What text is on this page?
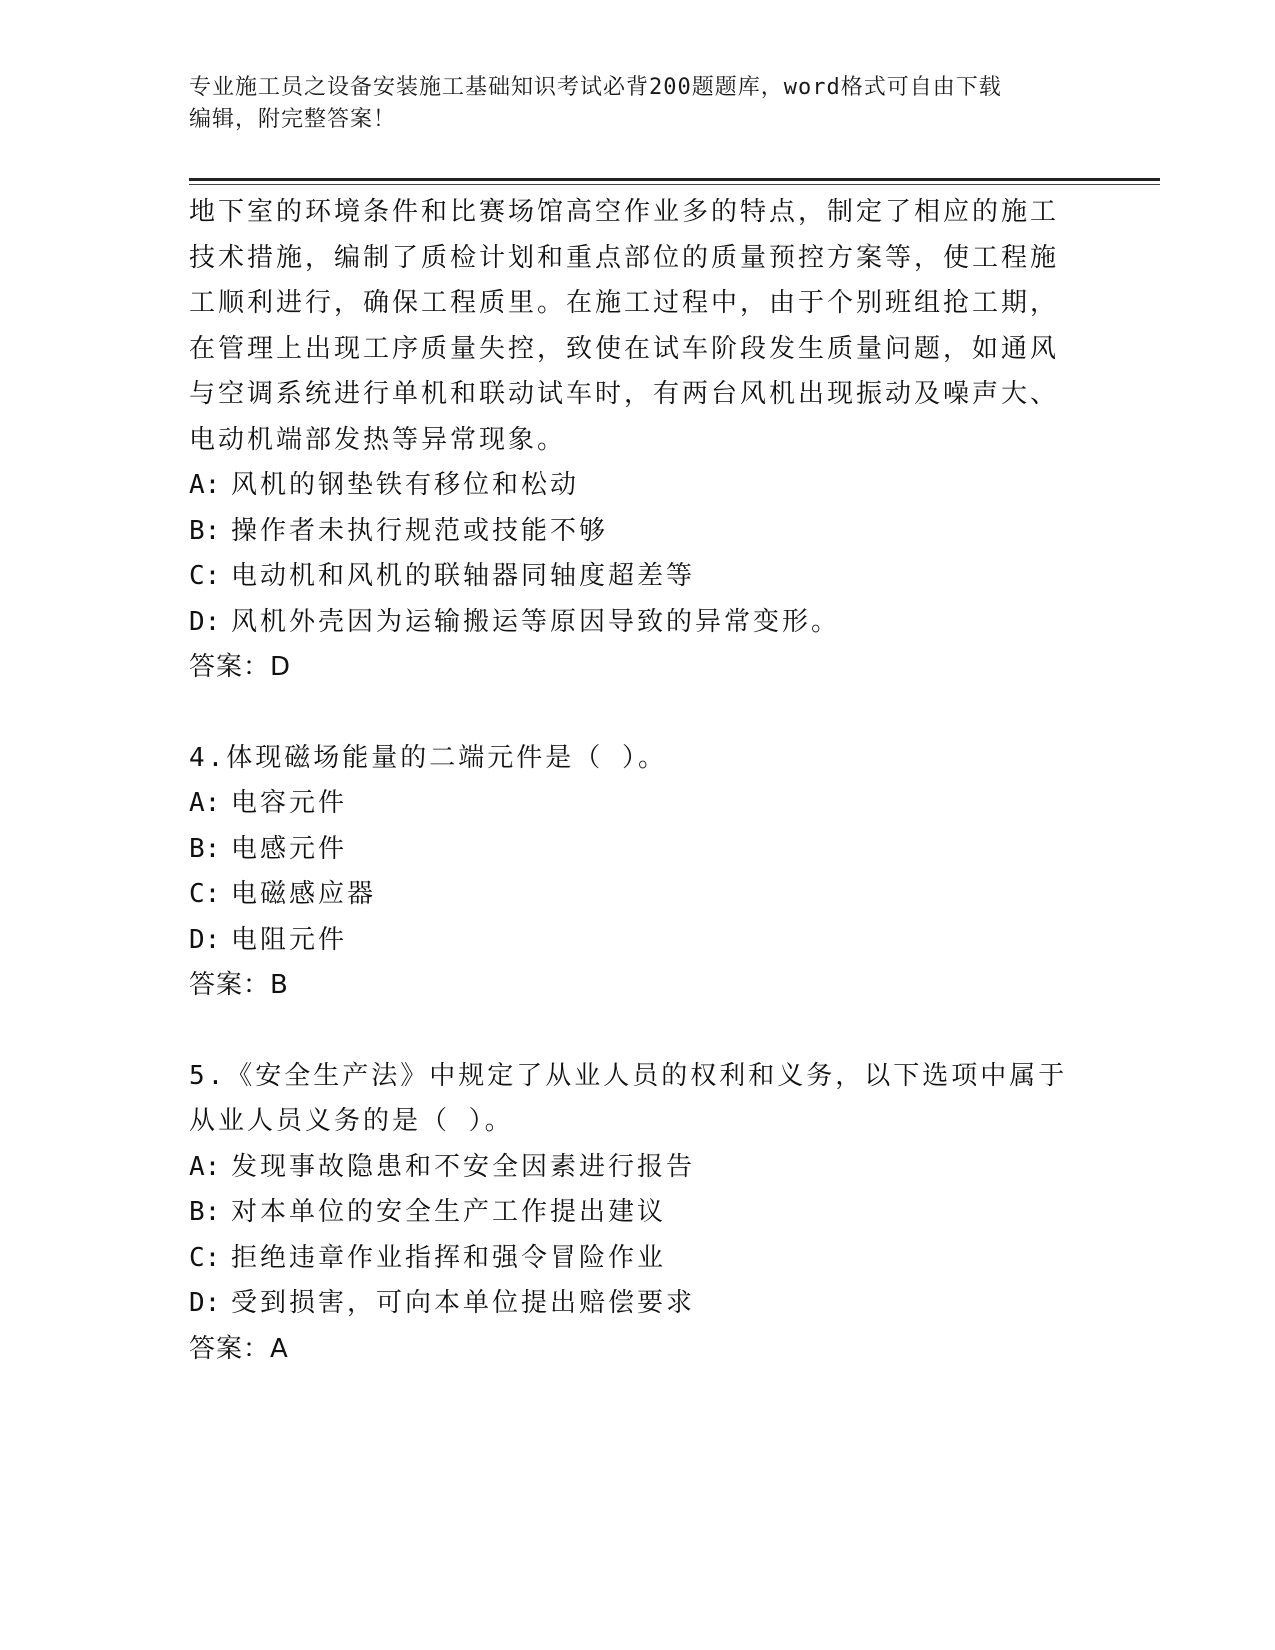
专业施工员之设备安装施工基础知识考试必背200题题库，word格式可自由下载
编辑，附完整答案！
地下室的环境条件和比赛场馆高空作业多的特点，制定了相应的施工
技术措施，编制了质检计划和重点部位的质量预控方案等，使工程施
工顺利进行，确保工程质里。在施工过程中，由于个别班组抢工期，
在管理上出现工序质量失控，致使在试车阶段发生质量问题，如通风
与空调系统进行单机和联动试车时，有两台风机出现振动及噪声大、
电动机端部发热等异常现象。
A: 风机的钢垫铁有移位和松动
B: 操作者未执行规范或技能不够
C: 电动机和风机的联轴器同轴度超差等
D: 风机外壳因为运输搬运等原因导致的异常变形。
答案：D
4.体现磁场能量的二端元件是（ ）。
A: 电容元件
B: 电感元件
C: 电磁感应器
D: 电阻元件
答案：B
5.《安全生产法》中规定了从业人员的权利和义务，以下选项中属于
从业人员义务的是（ ）。
A: 发现事故隐患和不安全因素进行报告
B: 对本单位的安全生产工作提出建议
C: 拒绝违章作业指挥和强令冒险作业
D: 受到损害，可向本单位提出赔偿要求
答案：A
